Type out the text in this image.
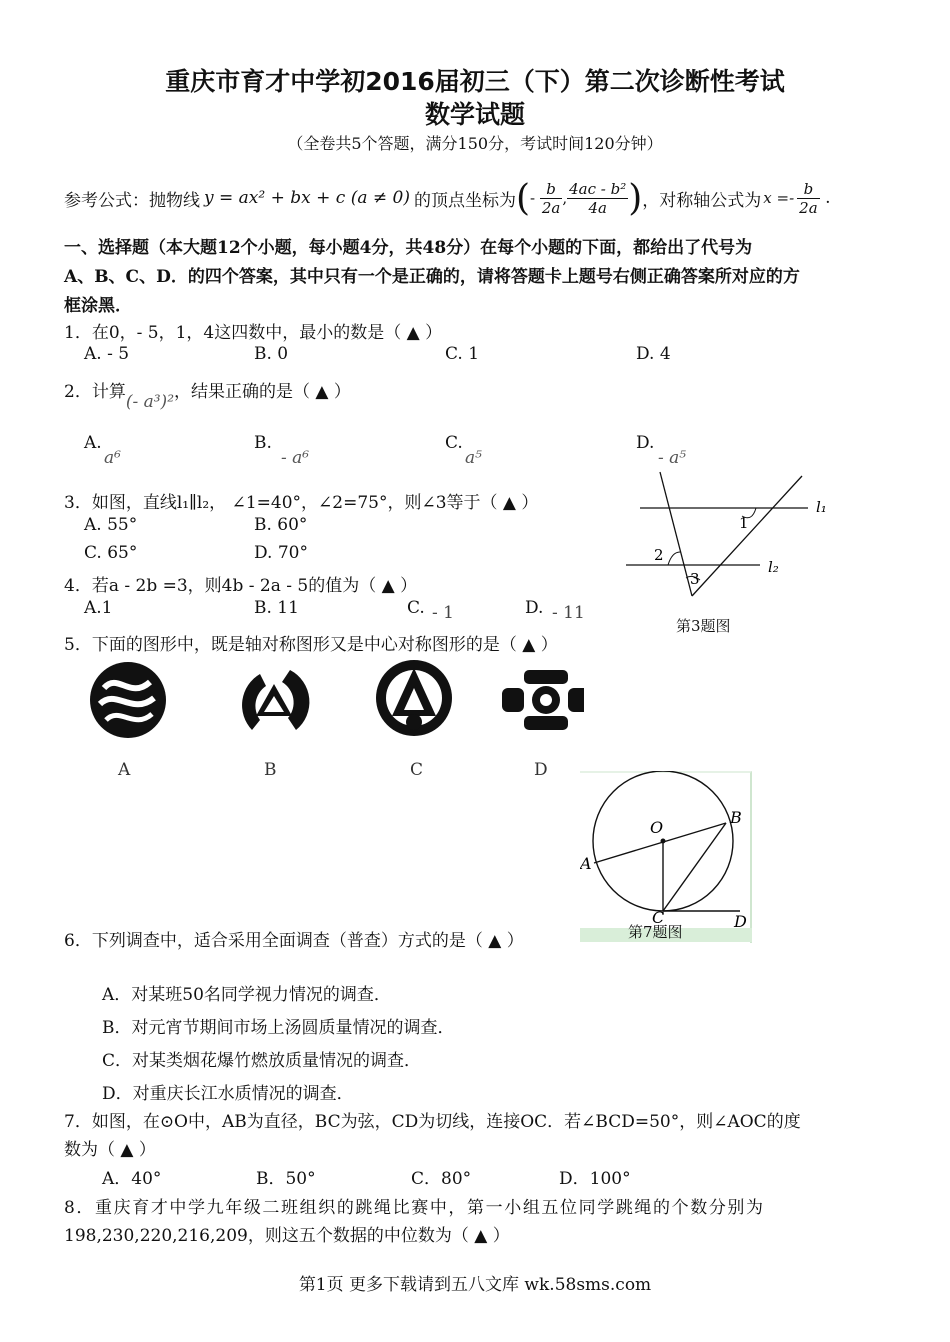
重庆市育才中学初2016届初三（下）第二次诊断性考试
数学试题
（全卷共5个答题，满分150分，考试时间120分钟）
参考公式：抛物线 y = ax² + bx + c (a ≠ 0) 的顶点坐标为 ( - $\frac{b}{2a}$ , $\frac{\text{4ac - b²}}{4a}$ ) ，对称轴公式为 $x =- \frac{b}{2a}$ .
一、选择题（本大题12个小题，每小题4分，共48分）在每个小题的下面，都给出了代号为
A、B、C、D．的四个答案，其中只有一个是正确的，请将答题卡上题号右侧正确答案所对应的方
框涂黑．
1．在0，- 5，1，4这四数中，最小的数是（ ▲ ）
A. - 5	B. 0	C. 1	D. 4
2．计算(- a³)²，结果正确的是（ ▲ ）
A.
a⁶
B.
- a⁶
C.
a⁵
D.
- a⁵
3．如图，直线l₁∥l₂， ∠1=40°，∠2=75°，则∠3等于（ ▲ ）
A. 55°	B. 60°
C. 65°	D. 70°
l₁
l₂
1
2
3
第3题图
4．若a - 2b =3，则4b - 2a - 5的值为（ ▲ ）
A.1	B. 11	C. - 1	D. - 11
5．下面的图形中，既是轴对称图形又是中心对称图形的是（ ▲ ）
A	B	C	D
O
A
B
C	D
第7题图
6．下列调查中，适合采用全面调查（普查）方式的是（ ▲ ）
A．对某班50名同学视力情况的调查．
B．对元宵节期间市场上汤圆质量情况的调查．
C．对某类烟花爆竹燃放质量情况的调查．
D．对重庆长江水质情况的调查．
7．如图，在⊙O中，AB为直径，BC为弦，CD为切线，连接OC．若∠BCD=50°，则∠AOC的度
数为（ ▲ ）
A．40°	B．50°	C．80°	D．100°
8．重庆育才中学九年级二班组织的跳绳比赛中，第一小组五位同学跳绳的个数分别为
198,230,220,216,209，则这五个数据的中位数为（ ▲ ）
第1页 更多下载请到五八文库 wk.58sms.com
